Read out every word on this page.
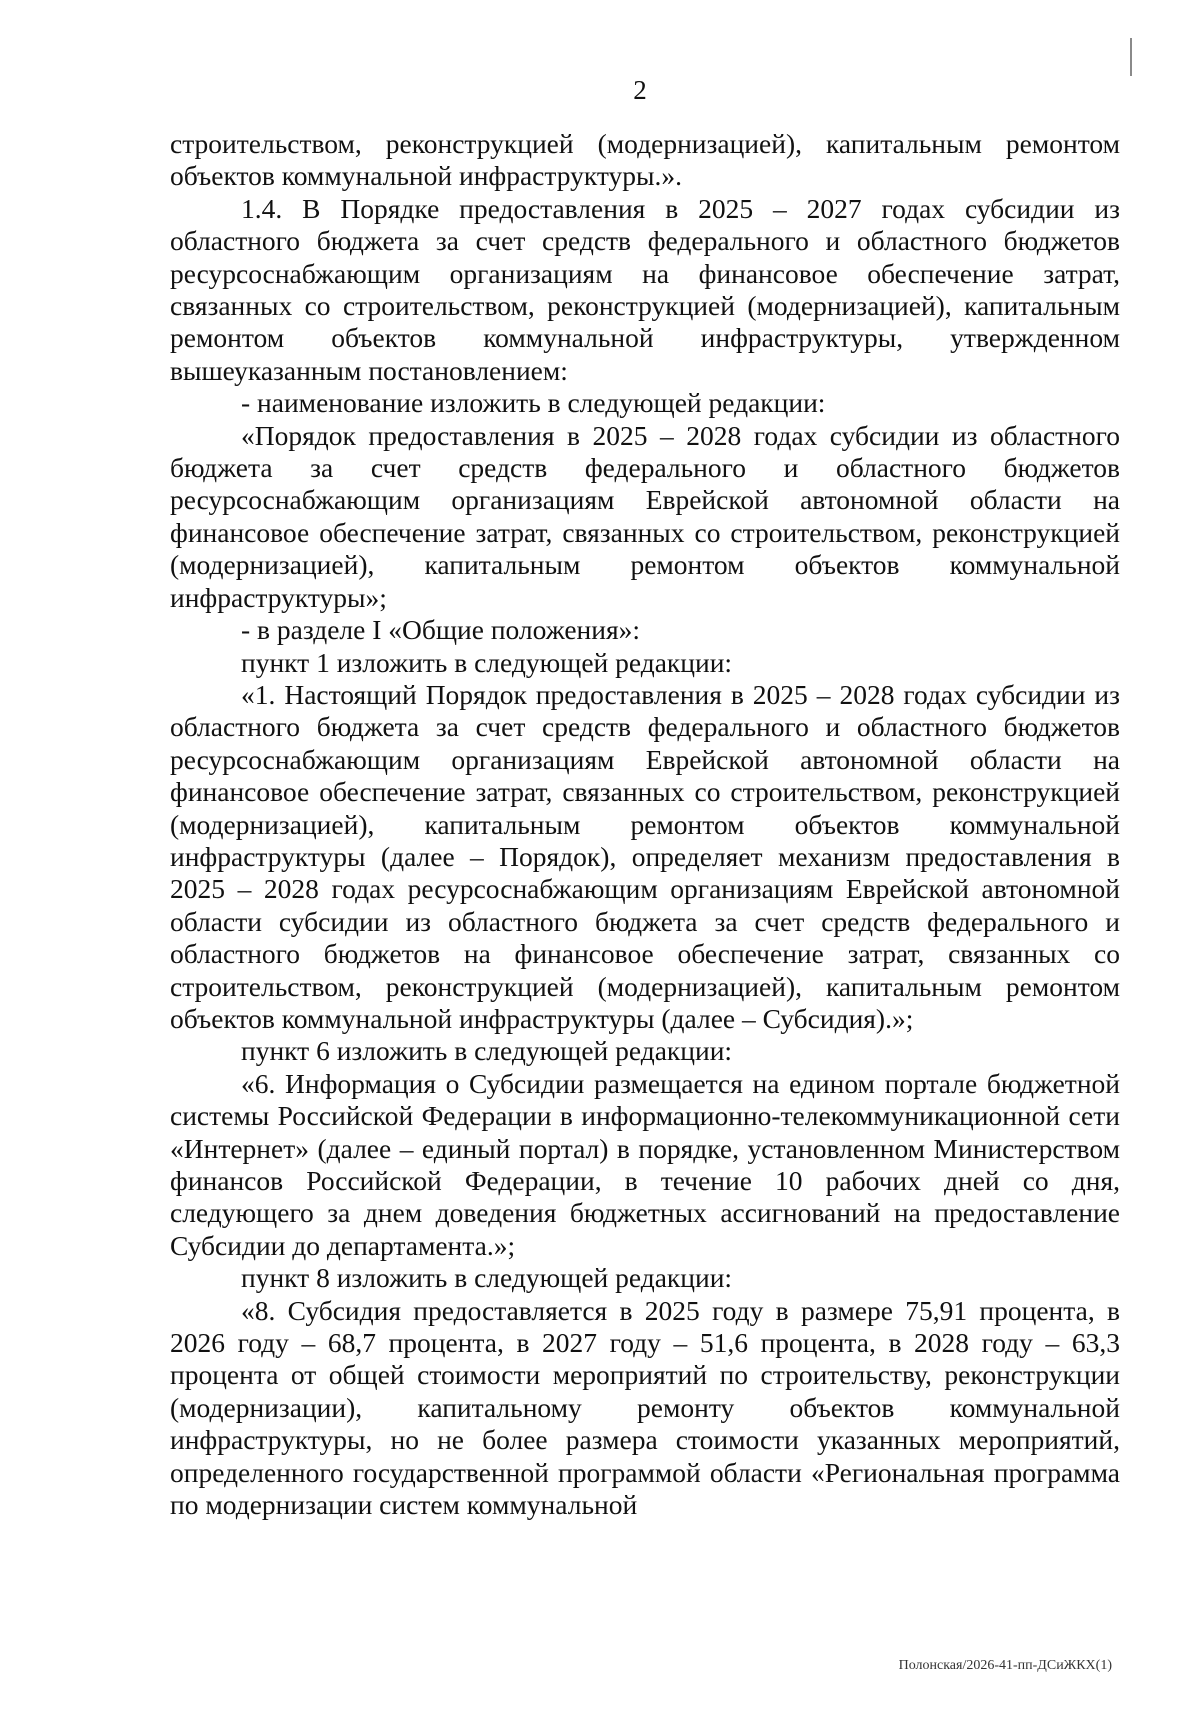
2

строительством, реконструкцией (модернизацией), капитальным ремонтом объектов коммунальной инфраструктуры.».

1.4. В Порядке предоставления в 2025 – 2027 годах субсидии из областного бюджета за счет средств федерального и областного бюджетов ресурсоснабжающим организациям на финансовое обеспечение затрат, связанных со строительством, реконструкцией (модернизацией), капитальным ремонтом объектов коммунальной инфраструктуры, утвержденном вышеуказанным постановлением:

- наименование изложить в следующей редакции:

«Порядок предоставления в 2025 – 2028 годах субсидии из областного бюджета за счет средств федерального и областного бюджетов ресурсоснабжающим организациям Еврейской автономной области на финансовое обеспечение затрат, связанных со строительством, реконструкцией (модернизацией), капитальным ремонтом объектов коммунальной инфраструктуры»;

- в разделе I «Общие положения»:

пункт 1 изложить в следующей редакции:

«1. Настоящий Порядок предоставления в 2025 – 2028 годах субсидии из областного бюджета за счет средств федерального и областного бюджетов ресурсоснабжающим организациям Еврейской автономной области на финансовое обеспечение затрат, связанных со строительством, реконструкцией (модернизацией), капитальным ремонтом объектов коммунальной инфраструктуры (далее – Порядок), определяет механизм предоставления в 2025 – 2028 годах ресурсоснабжающим организациям Еврейской автономной области субсидии из областного бюджета за счет средств федерального и областного бюджетов на финансовое обеспечение затрат, связанных со строительством, реконструкцией (модернизацией), капитальным ремонтом объектов коммунальной инфраструктуры (далее – Субсидия).»;

пункт 6 изложить в следующей редакции:

«6. Информация о Субсидии размещается на едином портале бюджетной системы Российской Федерации в информационно-телекоммуникационной сети «Интернет» (далее – единый портал) в порядке, установленном Министерством финансов Российской Федерации, в течение 10 рабочих дней со дня, следующего за днем доведения бюджетных ассигнований на предоставление Субсидии до департамента.»;

пункт 8 изложить в следующей редакции:

«8. Субсидия предоставляется в 2025 году в размере 75,91 процента, в 2026 году – 68,7 процента, в 2027 году – 51,6 процента, в 2028 году – 63,3 процента от общей стоимости мероприятий по строительству, реконструкции (модернизации), капитальному ремонту объектов коммунальной инфраструктуры, но не более размера стоимости указанных мероприятий, определенного государственной программой области «Региональная программа по модернизации систем коммунальной

Полонская/2026-41-пп-ДСиЖКХ(1)
